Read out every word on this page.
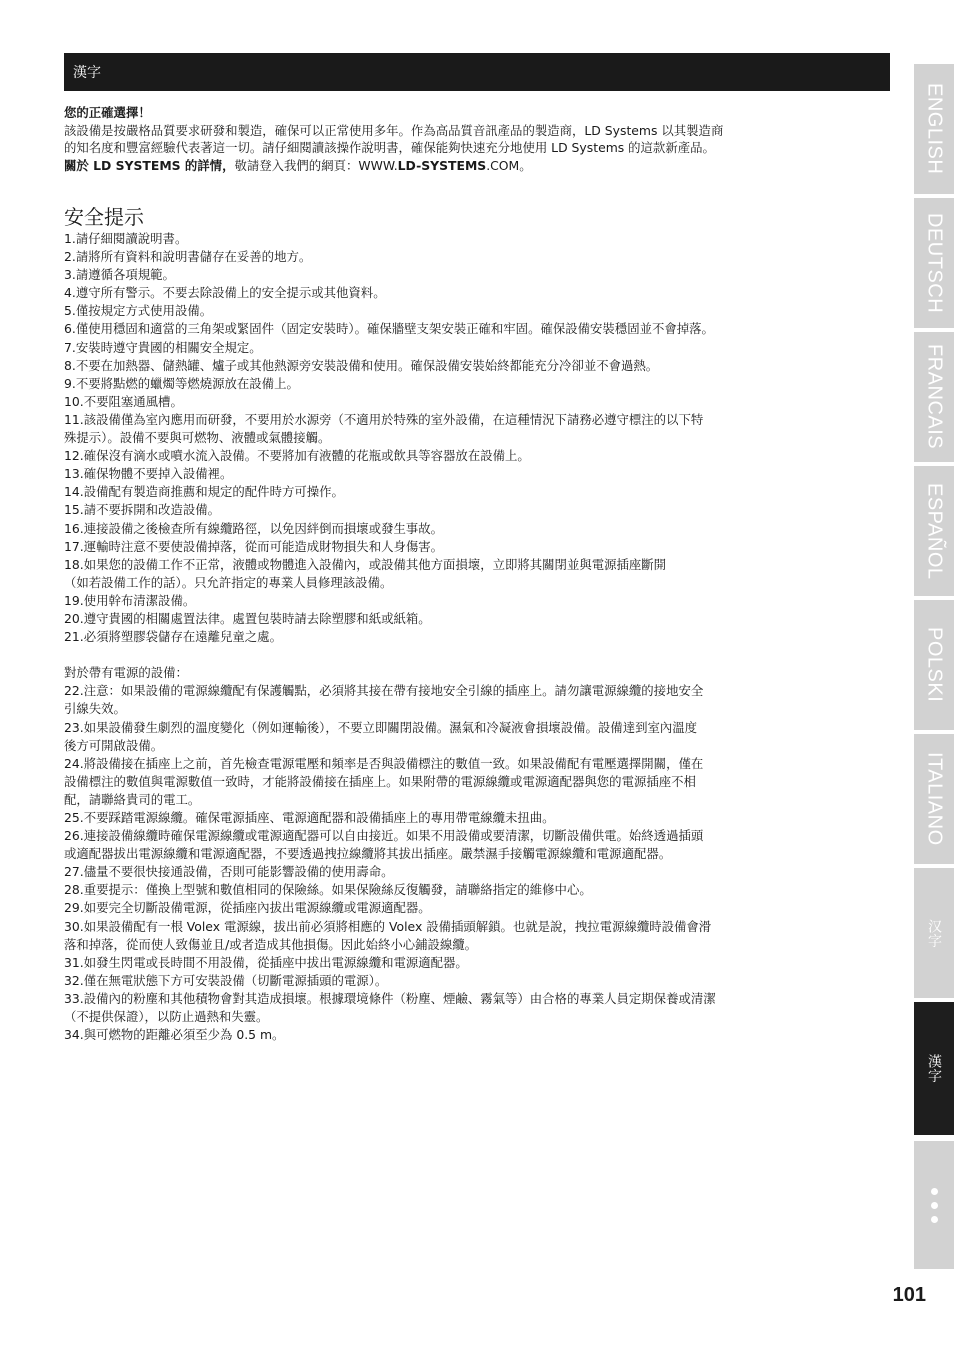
漢字

您的正確選擇！

該設備是按嚴格品質要求研發和製造，確保可以正常使用多年。作為高品質音訊產品的製造商，LD Systems 以其製造商

的知名度和豐富經驗代表著這一切。請仔細閱讀該操作說明書，確保能夠快速充分地使用 LD Systems 的這款新產品。

關於 LD SYSTEMS 的詳情，敬請登入我們的網頁：WWW.LD-SYSTEMS.COM。

安全提示
1.請仔細閱讀說明書。
2.請將所有資料和說明書儲存在妥善的地方。
3.請遵循各項規範。
4.遵守所有警示。不要去除設備上的安全提示或其他資料。
5.僅按規定方式使用設備。
6.僅使用穩固和適當的三角架或緊固件（固定安裝時）。確保牆壁支架安裝正確和牢固。確保設備安裝穩固並不會掉落。
7.安裝時遵守貴國的相關安全規定。
8.不要在加熱器、儲熱罐、爐子或其他熱源旁安裝設備和使用。確保設備安裝始終都能充分冷卻並不會過熱。
9.不要將點燃的蠟燭等燃燒源放在設備上。
10.不要阻塞通風槽。
11.該設備僅為室內應用而研發，不要用於水源旁（不適用於特殊的室外設備，在這種情況下請務必遵守標注的以下特
殊提示）。設備不要與可燃物、液體或氣體接觸。
12.確保沒有滴水或噴水流入設備。不要將加有液體的花瓶或飲具等容器放在設備上。
13.確保物體不要掉入設備裡。
14.設備配有製造商推薦和規定的配件時方可操作。
15.請不要拆開和改造設備。
16.連接設備之後檢查所有線纜路徑，以免因絆倒而損壞或發生事故。
17.運輸時注意不要使設備掉落，從而可能造成財物損失和人身傷害。
18.如果您的設備工作不正常，液體或物體進入設備內，或設備其他方面損壞，立即將其關閉並與電源插座斷開
（如若設備工作的話）。只允許指定的專業人員修理該設備。
19.使用幹布清潔設備。
20.遵守貴國的相關處置法律。處置包裝時請去除塑膠和紙或紙箱。
21.必須將塑膠袋儲存在遠離兒童之處。
對於帶有電源的設備：
22.注意：如果設備的電源線纜配有保護觸點，必須將其接在帶有接地安全引線的插座上。請勿讓電源線纜的接地安全
引線失效。
23.如果設備發生劇烈的溫度變化（例如運輸後），不要立即關閉設備。濕氣和冷凝液會損壞設備。設備達到室內溫度
後方可開啟設備。
24.將設備接在插座上之前，首先檢查電源電壓和頻率是否與設備標注的數值一致。如果設備配有電壓選擇開關，僅在
設備標注的數值與電源數值一致時，才能將設備接在插座上。如果附帶的電源線纜或電源適配器與您的電源插座不相
配，請聯絡貴司的電工。
25.不要踩踏電源線纜。確保電源插座、電源適配器和設備插座上的專用帶電線纜未扭曲。
26.連接設備線纜時確保電源線纜或電源適配器可以自由接近。如果不用設備或要清潔，切斷設備供電。始終透過插頭
或適配器拔出電源線纜和電源適配器，不要透過拽拉線纜將其拔出插座。嚴禁濕手接觸電源線纜和電源適配器。
27.儘量不要很快接通設備，否則可能影響設備的使用壽命。
28.重要提示：僅換上型號和數值相同的保險絲。如果保險絲反復觸發，請聯絡指定的維修中心。
29.如要完全切斷設備電源，從插座內拔出電源線纜或電源適配器。
30.如果設備配有一根 Volex 電源線，拔出前必須將相應的 Volex 設備插頭解鎖。也就是說，拽拉電源線纜時設備會滑
落和掉落，從而使人致傷並且/或者造成其他損傷。因此始終小心鋪設線纜。
31.如發生閃電或長時間不用設備，從插座中拔出電源線纜和電源適配器。
32.僅在無電狀態下方可安裝設備（切斷電源插頭的電源）。
33.設備內的粉塵和其他積物會對其造成損壞。根據環境條件（粉塵、煙鹼、霧氣等）由合格的專業人員定期保養或清潔
（不提供保證），以防止過熱和失靈。
34.與可燃物的距離必須至少為 0.5 m。
ENGLISH
DEUTSCH
FRANCAIS
ESPAÑOL
POLSKI
ITALIANO
汉字
漢字
101
